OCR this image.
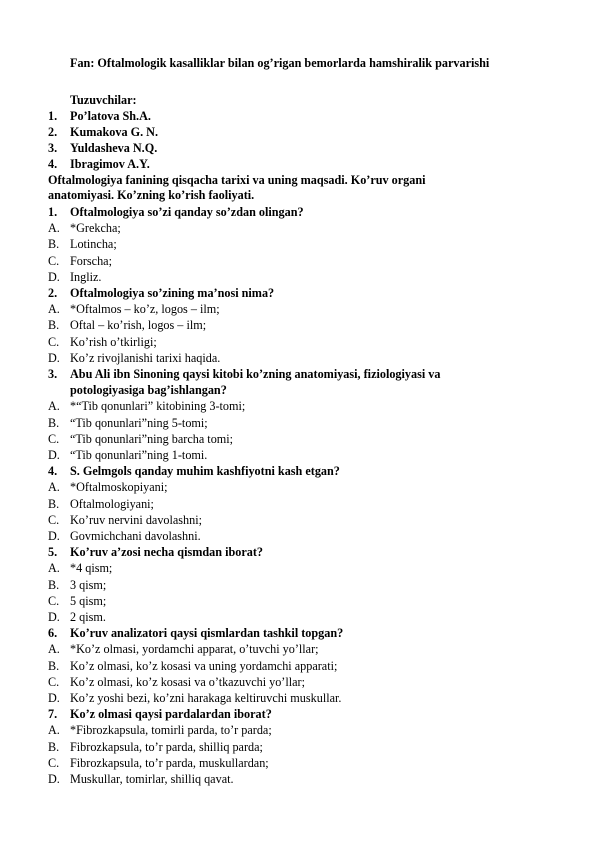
Fan: Oftalmologik kasalliklar bilan og’rigan bemorlarda hamshiralik parvarishi
Tuzuvchilar:
1. Po’latova Sh.A.
2. Kumakova G. N.
3. Yuldasheva N.Q.
4. Ibragimov A.Y.
Oftalmologiya fanining qisqacha tarixi va uning maqsadi. Ko’ruv organi
anatomiyasi. Ko’zning ko’rish faoliyati.
1. Oftalmologiya so’zi qanday so’zdan olingan?
A. *Grekcha;
B. Lotincha;
C. Forscha;
D. Ingliz.
2. Oftalmologiya so’zining ma’nosi nima?
A. *Oftalmos – ko’z, logos – ilm;
B. Oftal – ko’rish, logos – ilm;
C. Ko’rish o’tkirligi;
D. Ko’z rivojlanishi tarixi haqida.
3. Abu Ali ibn Sinoning qaysi kitobi ko’zning anatomiyasi, fiziologiyasi va
potologiyasiga bag’ishlangan?
A. *“Tib qonunlari” kitobining 3-tomi;
B. “Tib qonunlari”ning 5-tomi;
C. “Tib qonunlari”ning barcha tomi;
D. “Tib qonunlari”ning 1-tomi.
4. S. Gelmgols qanday muhim kashfiyotni kash etgan?
A. *Oftalmoskopiyani;
B. Oftalmologiyani;
C. Ko’ruv nervini davolashni;
D. Govmichchani davolashni.
5. Ko’ruv a’zosi necha qismdan iborat?
A. *4 qism;
B. 3 qism;
C. 5 qism;
D. 2 qism.
6. Ko’ruv analizatori qaysi qismlardan tashkil topgan?
A. *Ko’z olmasi, yordamchi apparat, o’tuvchi yo’llar;
B. Ko’z olmasi, ko’z kosasi va uning yordamchi apparati;
C. Ko’z olmasi, ko’z kosasi va o’tkazuvchi yo’llar;
D. Ko’z yoshi bezi, ko’zni harakaga keltiruvchi muskullar.
7. Ko’z olmasi qaysi pardalardan iborat?
A. *Fibrozkapsula, tomirli parda, to’r parda;
B. Fibrozkapsula, to’r parda, shilliq parda;
C. Fibrozkapsula, to’r parda, muskullardan;
D. Muskullar, tomirlar, shilliq qavat.
